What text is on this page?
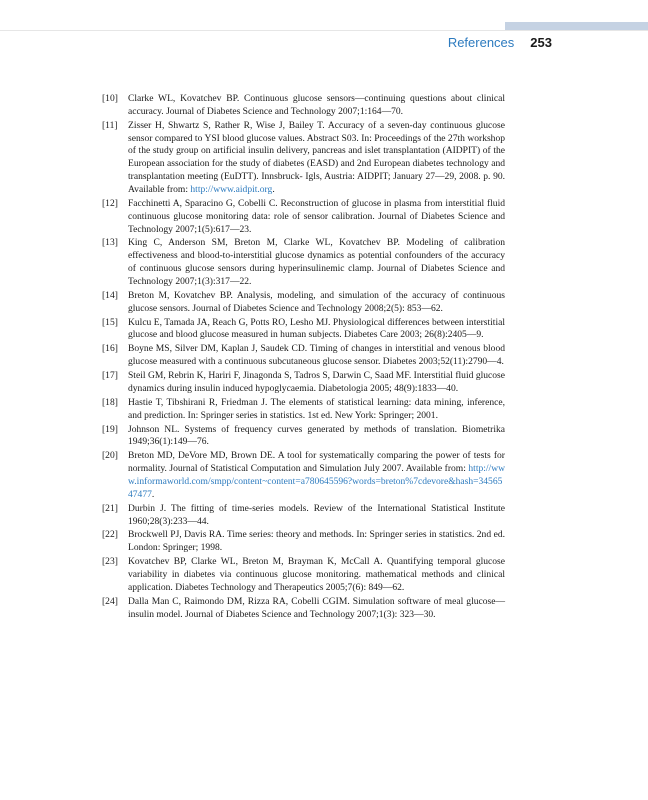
References 253
[10] Clarke WL, Kovatchev BP. Continuous glucose sensors—continuing questions about clinical accuracy. Journal of Diabetes Science and Technology 2007;1:164—70.
[11] Zisser H, Shwartz S, Rather R, Wise J, Bailey T. Accuracy of a seven-day continuous glucose sensor compared to YSI blood glucose values. Abstract S03. In: Proceedings of the 27th workshop of the study group on artificial insulin delivery, pancreas and islet transplantation (AIDPIT) of the European association for the study of diabetes (EASD) and 2nd European diabetes technology and transplantation meeting (EuDTT). Innsbruck- Igls, Austria: AIDPIT; January 27—29, 2008. p. 90. Available from: http://www.aidpit.org.
[12] Facchinetti A, Sparacino G, Cobelli C. Reconstruction of glucose in plasma from interstitial fluid continuous glucose monitoring data: role of sensor calibration. Journal of Diabetes Science and Technology 2007;1(5):617—23.
[13] King C, Anderson SM, Breton M, Clarke WL, Kovatchev BP. Modeling of calibration effectiveness and blood-to-interstitial glucose dynamics as potential confounders of the accuracy of continuous glucose sensors during hyperinsulinemic clamp. Journal of Diabetes Science and Technology 2007;1(3):317—22.
[14] Breton M, Kovatchev BP. Analysis, modeling, and simulation of the accuracy of continuous glucose sensors. Journal of Diabetes Science and Technology 2008;2(5): 853—62.
[15] Kulcu E, Tamada JA, Reach G, Potts RO, Lesho MJ. Physiological differences between interstitial glucose and blood glucose measured in human subjects. Diabetes Care 2003; 26(8):2405—9.
[16] Boyne MS, Silver DM, Kaplan J, Saudek CD. Timing of changes in interstitial and venous blood glucose measured with a continuous subcutaneous glucose sensor. Diabetes 2003;52(11):2790—4.
[17] Steil GM, Rebrin K, Hariri F, Jinagonda S, Tadros S, Darwin C, Saad MF. Interstitial fluid glucose dynamics during insulin induced hypoglycaemia. Diabetologia 2005; 48(9):1833—40.
[18] Hastie T, Tibshirani R, Friedman J. The elements of statistical learning: data mining, inference, and prediction. In: Springer series in statistics. 1st ed. New York: Springer; 2001.
[19] Johnson NL. Systems of frequency curves generated by methods of translation. Biometrika 1949;36(1):149—76.
[20] Breton MD, DeVore MD, Brown DE. A tool for systematically comparing the power of tests for normality. Journal of Statistical Computation and Simulation July 2007. Available from: http://www.informaworld.com/smpp/content~content=a780645596?words=breton%7cdevore&hash=3456547477.
[21] Durbin J. The fitting of time-series models. Review of the International Statistical Institute 1960;28(3):233—44.
[22] Brockwell PJ, Davis RA. Time series: theory and methods. In: Springer series in statistics. 2nd ed. London: Springer; 1998.
[23] Kovatchev BP, Clarke WL, Breton M, Brayman K, McCall A. Quantifying temporal glucose variability in diabetes via continuous glucose monitoring. mathematical methods and clinical application. Diabetes Technology and Therapeutics 2005;7(6): 849—62.
[24] Dalla Man C, Raimondo DM, Rizza RA, Cobelli CGIM. Simulation software of meal glucose—insulin model. Journal of Diabetes Science and Technology 2007;1(3): 323—30.
